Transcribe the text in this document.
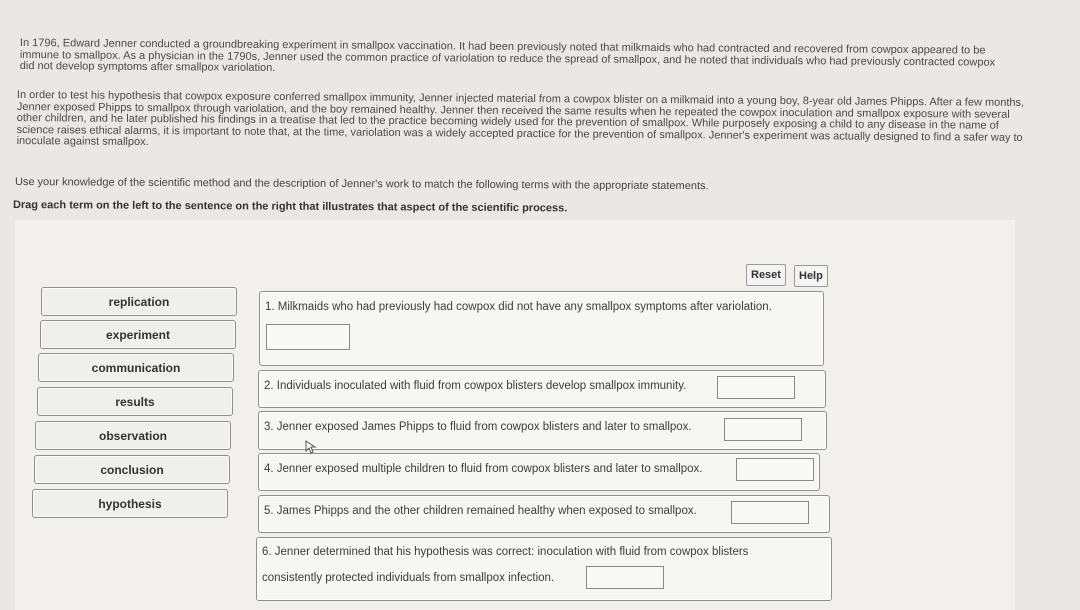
In 1796, Edward Jenner conducted a groundbreaking experiment in smallpox vaccination. It had been previously noted that milkmaids who had contracted and recovered from cowpox appeared to be immune to smallpox. As a physician in the 1790s, Jenner used the common practice of variolation to reduce the spread of smallpox, and he noted that individuals who had previously contracted cowpox did not develop symptoms after smallpox variolation.

In order to test his hypothesis that cowpox exposure conferred smallpox immunity, Jenner injected material from a cowpox blister on a milkmaid into a young boy, 8-year old James Phipps. After a few months, Jenner exposed Phipps to smallpox through variolation, and the boy remained healthy. Jenner then received the same results when he repeated the cowpox inoculation and smallpox exposure with several other children, and he later published his findings in a treatise that led to the practice becoming widely used for the prevention of smallpox. While purposely exposing a child to any disease in the name of science raises ethical alarms, it is important to note that, at the time, variolation was a widely accepted practice for the prevention of smallpox. Jenner's experiment was actually designed to find a safer way to inoculate against smallpox.

Use your knowledge of the scientific method and the description of Jenner's work to match the following terms with the appropriate statements.
Drag each term on the left to the sentence on the right that illustrates that aspect of the scientific process.
Reset	Help
replication
experiment
communication
results
observation
conclusion
hypothesis
1. Milkmaids who had previously had cowpox did not have any smallpox symptoms after variolation.
2. Individuals inoculated with fluid from cowpox blisters develop smallpox immunity.
3. Jenner exposed James Phipps to fluid from cowpox blisters and later to smallpox.
4. Jenner exposed multiple children to fluid from cowpox blisters and later to smallpox.
5. James Phipps and the other children remained healthy when exposed to smallpox.
6. Jenner determined that his hypothesis was correct: inoculation with fluid from cowpox blisters
consistently protected individuals from smallpox infection.
